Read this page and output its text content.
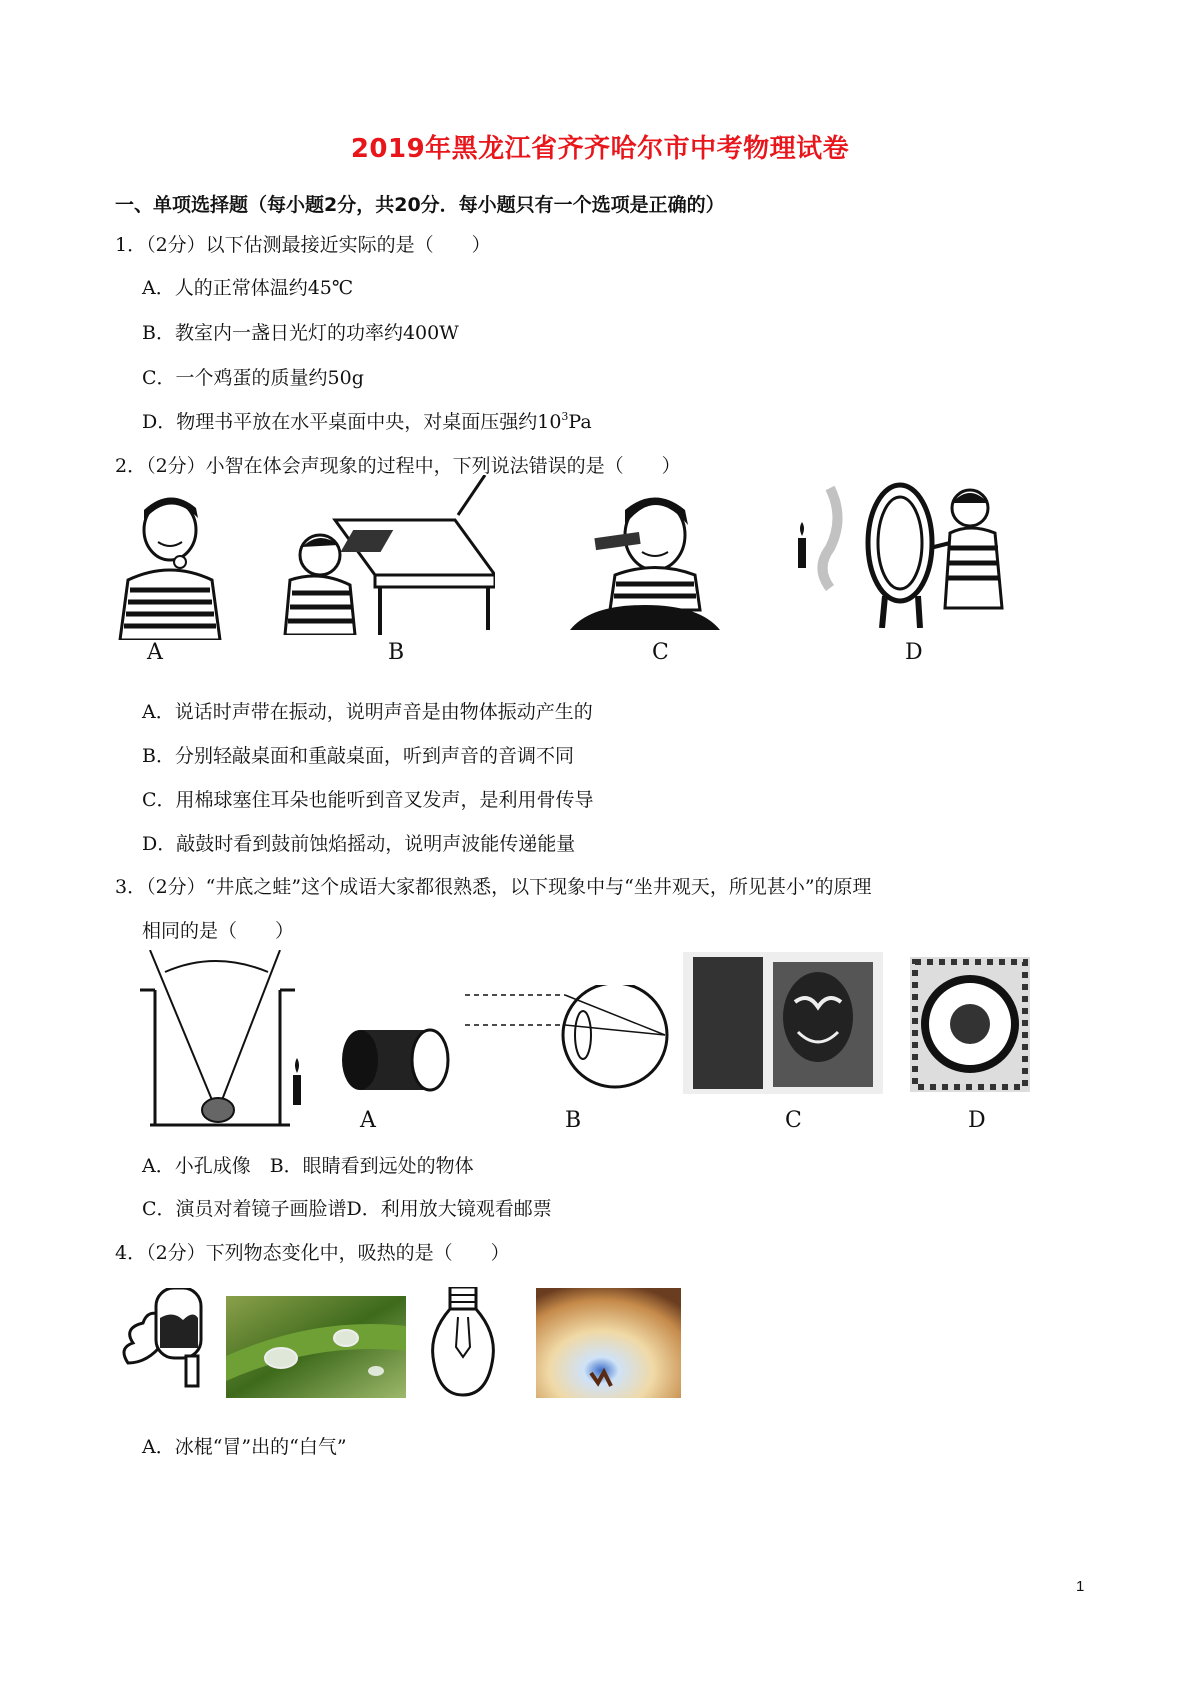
2019年黑龙江省齐齐哈尔市中考物理试卷
一、单项选择题（每小题2分，共20分．每小题只有一个选项是正确的）
1．（2分）以下估测最接近实际的是（　　）
A．人的正常体温约45℃
B．教室内一盏日光灯的功率约400W
C．一个鸡蛋的质量约50g
D．物理书平放在水平桌面中央，对桌面压强约$10^3Pa$
2．（2分）小智在体会声现象的过程中，下列说法错误的是（　　）
A	B	C	D
A．说话时声带在振动，说明声音是由物体振动产生的
B．分别轻敲桌面和重敲桌面，听到声音的音调不同
C．用棉球塞住耳朵也能听到音叉发声，是利用骨传导
D．敲鼓时看到鼓前蚀焰摇动，说明声波能传递能量
3．（2分）“井底之蛙”这个成语大家都很熟悉，以下现象中与“坐井观天，所见甚小”的原理
相同的是（　　）
A	B	C	D
A．小孔成像　B．眼睛看到远处的物体
C．演员对着镜子画脸谱D．利用放大镜观看邮票
4．（2分）下列物态变化中，吸热的是（　　）
A．冰棍“冒”出的“白气”
1
